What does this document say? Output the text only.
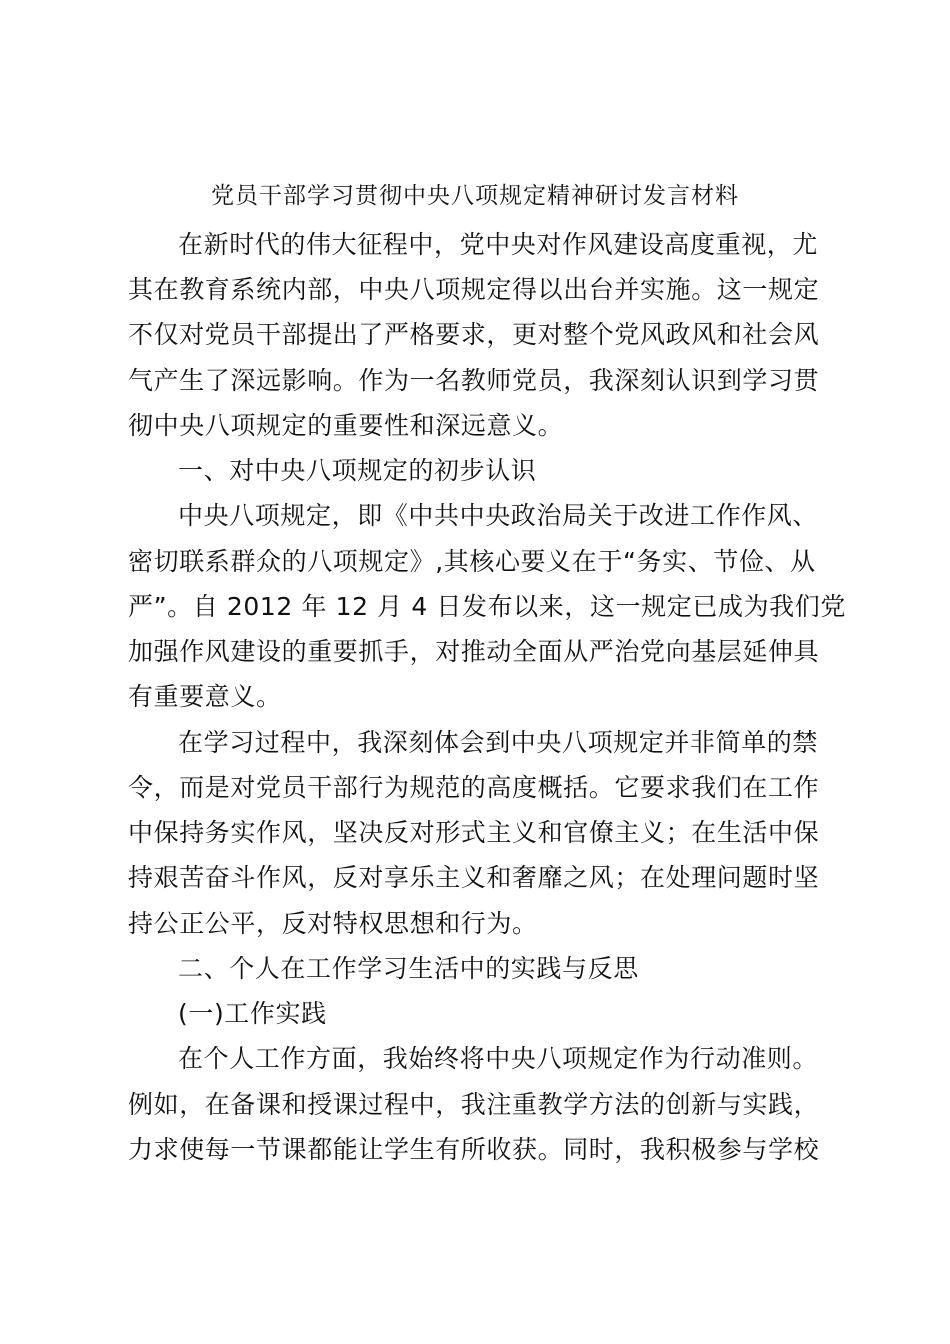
党员干部学习贯彻中央八项规定精神研讨发言材料
在新时代的伟大征程中，党中央对作风建设高度重视，尤
其在教育系统内部，中央八项规定得以出台并实施。这一规定
不仅对党员干部提出了严格要求，更对整个党风政风和社会风
气产生了深远影响。作为一名教师党员，我深刻认识到学习贯
彻中央八项规定的重要性和深远意义。
一、对中央八项规定的初步认识
中央八项规定，即《中共中央政治局关于改进工作作风、
密切联系群众的八项规定》,其核心要义在于“务实、节俭、从
严”。自 2012 年 12 月 4 日发布以来，这一规定已成为我们党
加强作风建设的重要抓手，对推动全面从严治党向基层延伸具
有重要意义。
在学习过程中，我深刻体会到中央八项规定并非简单的禁
令，而是对党员干部行为规范的高度概括。它要求我们在工作
中保持务实作风，坚决反对形式主义和官僚主义；在生活中保
持艰苦奋斗作风，反对享乐主义和奢靡之风；在处理问题时坚
持公正公平，反对特权思想和行为。
二、个人在工作学习生活中的实践与反思
(一)工作实践
在个人工作方面，我始终将中央八项规定作为行动准则。
例如，在备课和授课过程中，我注重教学方法的创新与实践，
力求使每一节课都能让学生有所收获。同时，我积极参与学校
